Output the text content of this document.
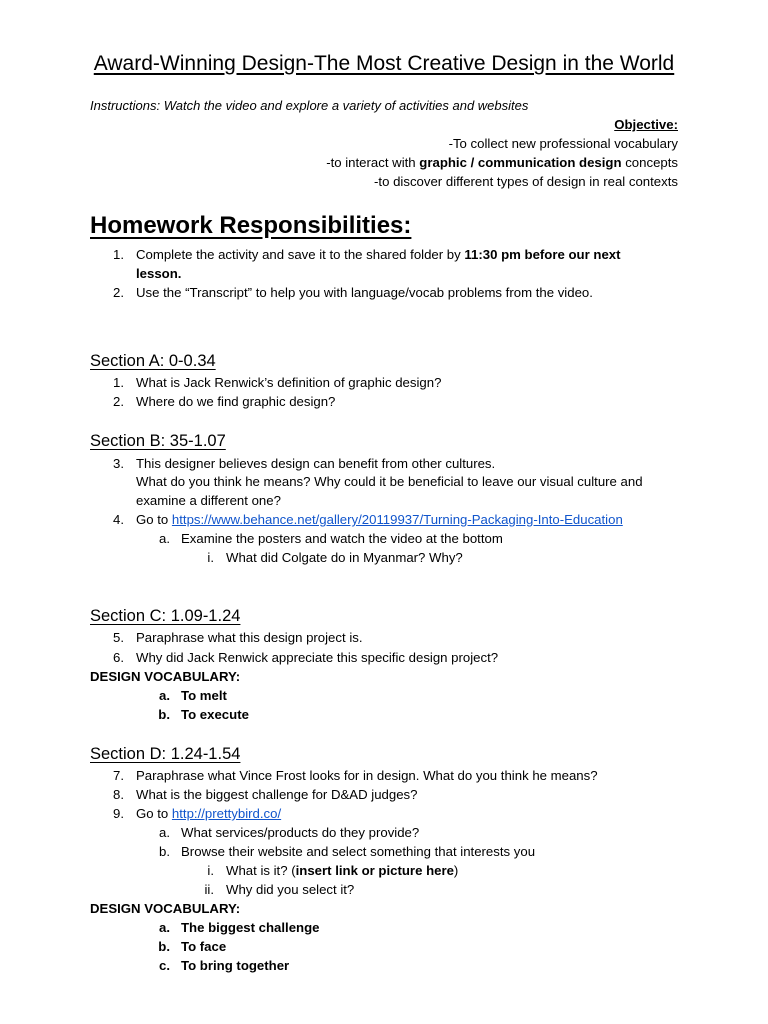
Award-Winning Design-The Most Creative Design in the World
Instructions: Watch the video and explore a variety of activities and websites
Objective:
-To collect new professional vocabulary
-to interact with graphic / communication design concepts
-to discover different types of design in real contexts
Homework Responsibilities:
1. Complete the activity and save it to the shared folder by 11:30 pm before our next
lesson.
2. Use the “Transcript” to help you with language/vocab problems from the video.
Section A: 0-0.34
1. What is Jack Renwick’s definition of graphic design?
2. Where do we find graphic design?
Section B: 35-1.07
3. This designer believes design can benefit from other cultures.
What do you think he means? Why could it be beneficial to leave our visual culture and
examine a different one?
4. Go to https://www.behance.net/gallery/20119937/Turning-Packaging-Into-Education
a. Examine the posters and watch the video at the bottom
i. What did Colgate do in Myanmar? Why?
Section C: 1.09-1.24
5. Paraphrase what this design project is.
6. Why did Jack Renwick appreciate this specific design project?
DESIGN VOCABULARY:
a. To melt
b. To execute
Section D: 1.24-1.54
7. Paraphrase what Vince Frost looks for in design. What do you think he means?
8. What is the biggest challenge for D&AD judges?
9. Go to http://prettybird.co/
a. What services/products do they provide?
b. Browse their website and select something that interests you
i. What is it? (insert link or picture here)
ii. Why did you select it?
DESIGN VOCABULARY:
a. The biggest challenge
b. To face
c. To bring together
